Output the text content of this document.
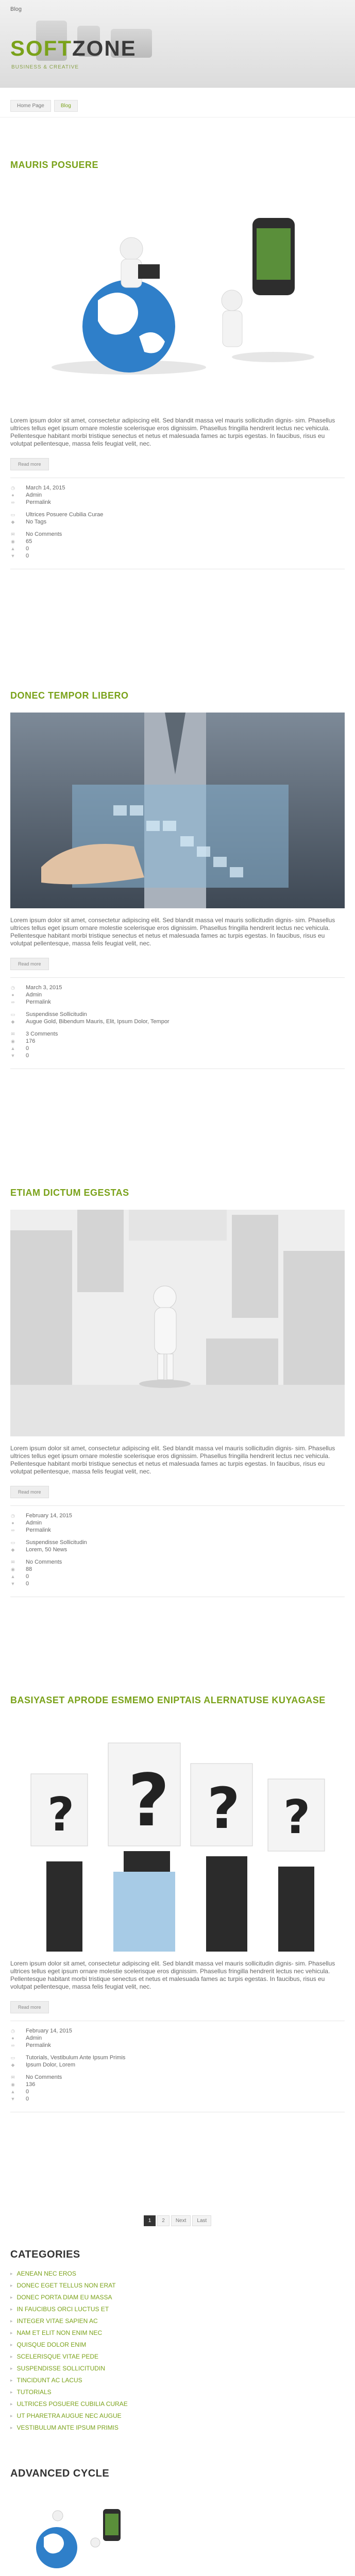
Blog
SOFTZONE
BUSINESS & CREATIVE
Home Page	Blog
MAURIS POSUERE
Lorem ipsum dolor sit amet, consectetur adipiscing elit. Sed blandit massa vel mauris sollicitudin dignis- sim. Phasellus ultrices tellus eget ipsum ornare molestie scelerisque eros dignissim. Phasellus fringilla hendrerit lectus nec vehicula. Pellentesque habitant morbi tristique senectus et netus et malesuada fames ac turpis egestas. In faucibus, risus eu volutpat pellentesque, massa felis feugiat velit, nec.
Read more
◷ March 14, 2015
● Admin
∞ Permalink
▭ Ultrices Posuere Cubilia Curae
◆ No Tags
✉ No Comments
◉ 65
▲ 0
▼ 0
DONEC TEMPOR LIBERO
Lorem ipsum dolor sit amet, consectetur adipiscing elit. Sed blandit massa vel mauris sollicitudin dignis- sim. Phasellus ultrices tellus eget ipsum ornare molestie scelerisque eros dignissim. Phasellus fringilla hendrerit lectus nec vehicula. Pellentesque habitant morbi tristique senectus et netus et malesuada fames ac turpis egestas. In faucibus, risus eu volutpat pellentesque, massa felis feugiat velit, nec.
Read more
◷ March 3, 2015
● Admin
∞ Permalink
▭ Suspendisse Sollicitudin
◆ Augue Gold, Bibendum Mauris, Elit, Ipsum Dolor, Tempor
✉ 3 Comments
◉ 176
▲ 0
▼ 0
ETIAM DICTUM EGESTAS
Lorem ipsum dolor sit amet, consectetur adipiscing elit. Sed blandit massa vel mauris sollicitudin dignis- sim. Phasellus ultrices tellus eget ipsum ornare molestie scelerisque eros dignissim. Phasellus fringilla hendrerit lectus nec vehicula. Pellentesque habitant morbi tristique senectus et netus et malesuada fames ac turpis egestas. In faucibus, risus eu volutpat pellentesque, massa felis feugiat velit, nec.
Read more
◷ February 14, 2015
● Admin
∞ Permalink
▭ Suspendisse Sollicitudin
◆ Lorem, 50 News
✉ No Comments
◉ 88
▲ 0
▼ 0
BASIYASET APRODE ESMEMO ENIPTAIS ALERNATUSE KUYAGASE
? ? ? ?
Lorem ipsum dolor sit amet, consectetur adipiscing elit. Sed blandit massa vel mauris sollicitudin dignis- sim. Phasellus ultrices tellus eget ipsum ornare molestie scelerisque eros dignissim. Phasellus fringilla hendrerit lectus nec vehicula. Pellentesque habitant morbi tristique senectus et netus et malesuada fames ac turpis egestas. In faucibus, risus eu volutpat pellentesque, massa felis feugiat velit, nec.
Read more
◷ February 14, 2015
● Admin
∞ Permalink
▭ Tutorials, Vestibulum Ante Ipsum Primis
◆ Ipsum Dolor, Lorem
✉ No Comments
◉ 136
▲ 0
▼ 0
1	2	Next	Last
CATEGORIES
▸ AENEAN NEC EROS
▸ DONEC EGET TELLUS NON ERAT
▸ DONEC PORTA DIAM EU MASSA
▸ IN FAUCIBUS ORCI LUCTUS ET
▸ INTEGER VITAE SAPIEN AC
▸ NAM ET ELIT NON ENIM NEC
▸ QUISQUE DOLOR ENIM
▸ SCELERISQUE VITAE PEDE
▸ SUSPENDISSE SOLLICITUDIN
▸ TINCIDUNT AC LACUS
▸ TUTORIALS
▸ ULTRICES POSUERE CUBILIA CURAE
▸ UT PHARETRA AUGUE NEC AUGUE
▸ VESTIBULUM ANTE IPSUM PRIMIS
ADVANCED CYCLE
